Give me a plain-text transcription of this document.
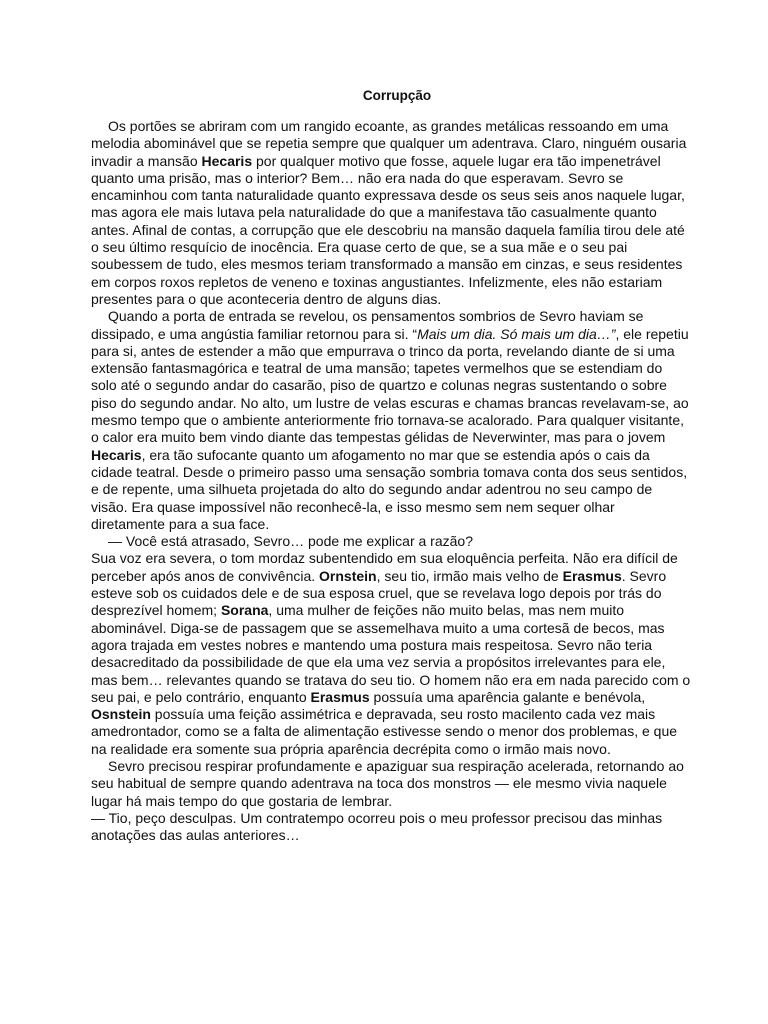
Corrupção

Os portões se abriram com um rangido ecoante, as grandes metálicas ressoando em uma melodia abominável que se repetia sempre que qualquer um adentrava. Claro, ninguém ousaria invadir a mansão Hecaris por qualquer motivo que fosse, aquele lugar era tão impenetrável quanto uma prisão, mas o interior? Bem… não era nada do que esperavam. Sevro se encaminhou com tanta naturalidade quanto expressava desde os seus seis anos naquele lugar, mas agora ele mais lutava pela naturalidade do que a manifestava tão casualmente quanto antes. Afinal de contas, a corrupção que ele descobriu na mansão daquela família tirou dele até o seu último resquício de inocência. Era quase certo de que, se a sua mãe e o seu pai soubessem de tudo, eles mesmos teriam transformado a mansão em cinzas, e seus residentes em corpos roxos repletos de veneno e toxinas angustiantes. Infelizmente, eles não estariam presentes para o que aconteceria dentro de alguns dias.

Quando a porta de entrada se revelou, os pensamentos sombrios de Sevro haviam se dissipado, e uma angústia familiar retornou para si. “Mais um dia. Só mais um dia…”, ele repetiu para si, antes de estender a mão que empurrava o trinco da porta, revelando diante de si uma extensão fantasmagórica e teatral de uma mansão; tapetes vermelhos que se estendiam do solo até o segundo andar do casarão, piso de quartzo e colunas negras sustentando o sobre piso do segundo andar. No alto, um lustre de velas escuras e chamas brancas revelavam-se, ao mesmo tempo que o ambiente anteriormente frio tornava-se acalorado. Para qualquer visitante, o calor era muito bem vindo diante das tempestas gélidas de Neverwinter, mas para o jovem Hecaris, era tão sufocante quanto um afogamento no mar que se estendia após o cais da cidade teatral. Desde o primeiro passo uma sensação sombria tomava conta dos seus sentidos, e de repente, uma silhueta projetada do alto do segundo andar adentrou no seu campo de visão. Era quase impossível não reconhecê-la, e isso mesmo sem nem sequer olhar diretamente para a sua face.

— Você está atrasado, Sevro… pode me explicar a razão?

Sua voz era severa, o tom mordaz subentendido em sua eloquência perfeita. Não era difícil de perceber após anos de convivência. Ornstein, seu tio, irmão mais velho de Erasmus. Sevro esteve sob os cuidados dele e de sua esposa cruel, que se revelava logo depois por trás do desprezível homem; Sorana, uma mulher de feições não muito belas, mas nem muito abominável. Diga-se de passagem que se assemelhava muito a uma cortesã de becos, mas agora trajada em vestes nobres e mantendo uma postura mais respeitosa. Sevro não teria desacreditado da possibilidade de que ela uma vez servia a propósitos irrelevantes para ele, mas bem… relevantes quando se tratava do seu tio. O homem não era em nada parecido com o seu pai, e pelo contrário, enquanto Erasmus possuía uma aparência galante e benévola, Osnstein possuía uma feição assimétrica e depravada, seu rosto macilento cada vez mais amedrontador, como se a falta de alimentação estivesse sendo o menor dos problemas, e que na realidade era somente sua própria aparência decrépita como o irmão mais novo.

Sevro precisou respirar profundamente e apaziguar sua respiração acelerada, retornando ao seu habitual de sempre quando adentrava na toca dos monstros — ele mesmo vivia naquele lugar há mais tempo do que gostaria de lembrar.

— Tio, peço desculpas. Um contratempo ocorreu pois o meu professor precisou das minhas anotações das aulas anteriores…
